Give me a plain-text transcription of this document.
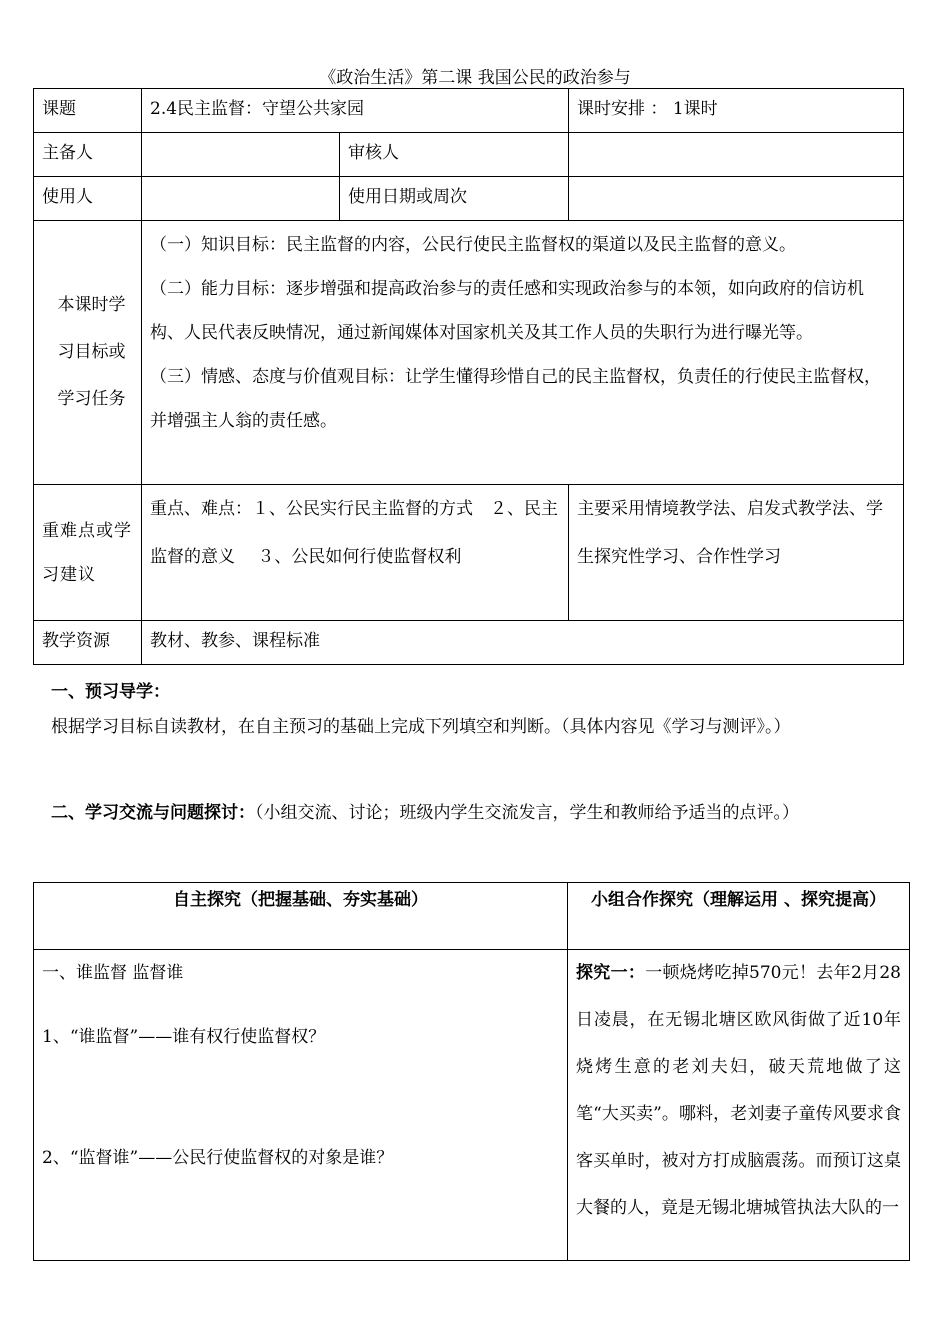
《政治生活》第二课 我国公民的政治参与
课题	2.4民主监督：守望公共家园		课时安排 ： 1课时
主备人		审核人	
使用人		使用日期或周次	
本课时学习目标或学习任务	（一）知识目标：民主监督的内容，公民行使民主监督权的渠道以及民主监督的意义。

（二）能力目标：逐步增强和提高政治参与的责任感和实现政治参与的本领，如向政府的信访机构、人民代表反映情况，通过新闻媒体对国家机关及其工作人员的失职行为进行曝光等。

（三）情感、态度与价值观目标：让学生懂得珍惜自己的民主监督权，负责任的行使民主监督权，并增强主人翁的责任感。		

重难点或学习建议	重点、难点：１、公民实行民主监督的方式　２、民主监督的意义　 ３、公民如何行使监督权利		主要采用情境教学法、启发式教学法、学生探究性学习、合作性学习

教学资源	教材、教参、课程标准		
一、预习导学：
根据学习目标自读教材，在自主预习的基础上完成下列填空和判断。（具体内容见《学习与测评》。）
二、学习交流与问题探讨：（小组交流、讨论；班级内学生交流发言，学生和教师给予适当的点评。）
自主探究（把握基础、夯实基础）	小组合作探究（理解运用 、探究提高）

一、谁监督 监督谁

1、“谁监督”——谁有权行使监督权？

2、“监督谁”——公民行使监督权的对象是谁？	探究一：一顿烧烤吃掉570元！去年2月28日凌晨，在无锡北塘区欧风街做了近10年烧烤生意的老刘夫妇，破天荒地做了这笔“大买卖”。哪料，老刘妻子童传风要求食客买单时，被对方打成脑震荡。而预订这桌大餐的人，竟是无锡北塘城管执法大队的一
